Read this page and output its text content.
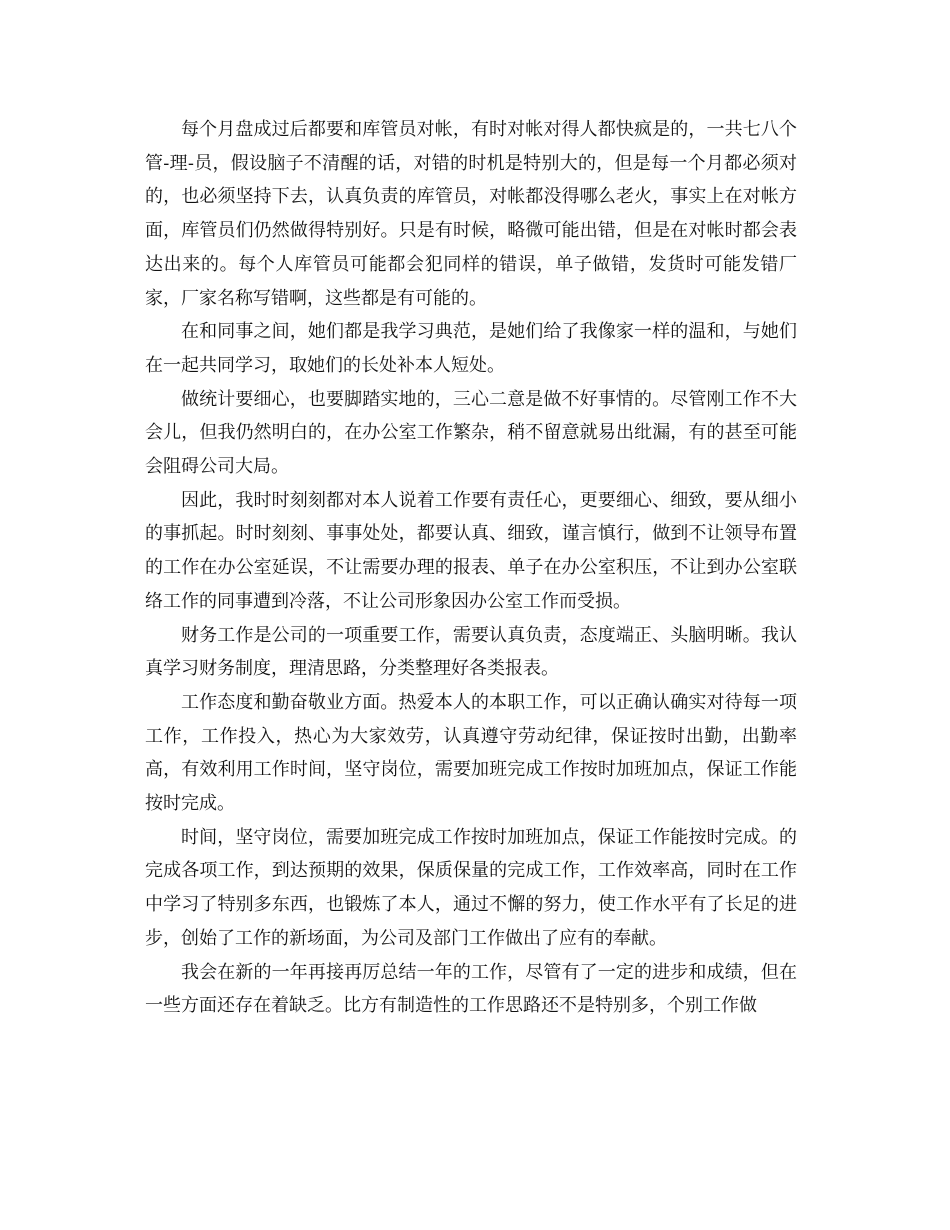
每个月盘成过后都要和库管员对帐，有时对帐对得人都快疯是的，一共七八个管-理-员，假设脑子不清醒的话，对错的时机是特别大的，但是每一个月都必须对的，也必须坚持下去，认真负责的库管员，对帐都没得哪么老火，事实上在对帐方面，库管员们仍然做得特别好。只是有时候，略微可能出错，但是在对帐时都会表达出来的。每个人库管员可能都会犯同样的错误，单子做错，发货时可能发错厂家，厂家名称写错啊，这些都是有可能的。

在和同事之间，她们都是我学习典范，是她们给了我像家一样的温和，与她们在一起共同学习，取她们的长处补本人短处。

做统计要细心，也要脚踏实地的，三心二意是做不好事情的。尽管刚工作不大会儿，但我仍然明白的，在办公室工作繁杂，稍不留意就易出纰漏，有的甚至可能会阻碍公司大局。

因此，我时时刻刻都对本人说着工作要有责任心，更要细心、细致，要从细小的事抓起。时时刻刻、事事处处，都要认真、细致，谨言慎行，做到不让领导布置的工作在办公室延误，不让需要办理的报表、单子在办公室积压，不让到办公室联络工作的同事遭到冷落，不让公司形象因办公室工作而受损。

财务工作是公司的一项重要工作，需要认真负责，态度端正、头脑明晰。我认真学习财务制度，理清思路，分类整理好各类报表。

工作态度和勤奋敬业方面。热爱本人的本职工作，可以正确认确实对待每一项工作，工作投入，热心为大家效劳，认真遵守劳动纪律，保证按时出勤，出勤率高，有效利用工作时间，坚守岗位，需要加班完成工作按时加班加点，保证工作能按时完成。

时间，坚守岗位，需要加班完成工作按时加班加点，保证工作能按时完成。的完成各项工作，到达预期的效果，保质保量的完成工作，工作效率高，同时在工作中学习了特别多东西，也锻炼了本人，通过不懈的努力，使工作水平有了长足的进步，创始了工作的新场面，为公司及部门工作做出了应有的奉献。

我会在新的一年再接再厉总结一年的工作，尽管有了一定的进步和成绩，但在一些方面还存在着缺乏。比方有制造性的工作思路还不是特别多，个别工作做
